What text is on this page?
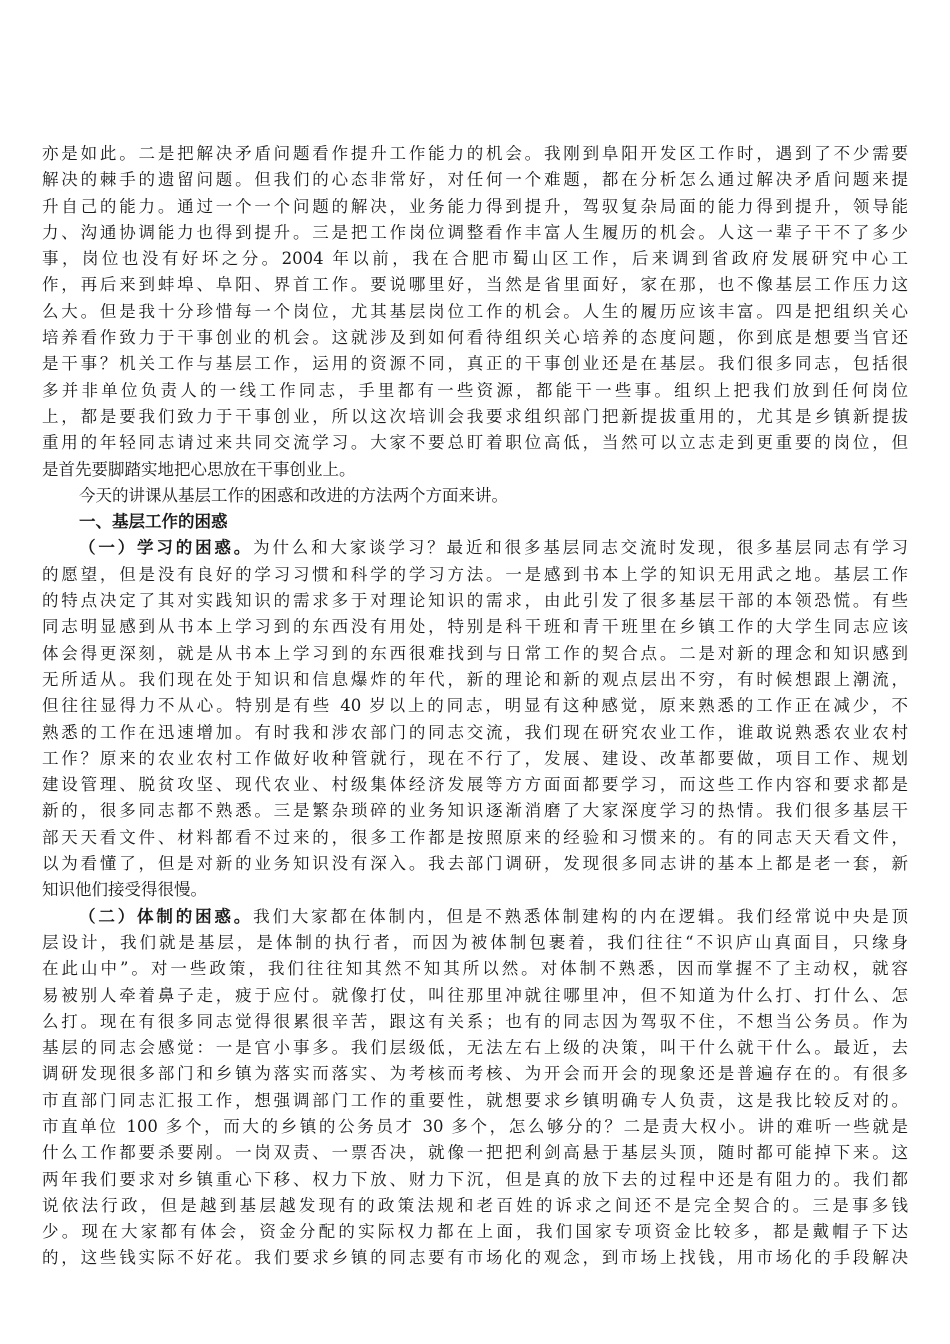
亦是如此。二是把解决矛盾问题看作提升工作能力的机会。我刚到阜阳开发区工作时，遇到了不少需要
解决的棘手的遗留问题。但我们的心态非常好，对任何一个难题，都在分析怎么通过解决矛盾问题来提
升自己的能力。通过一个一个问题的解决，业务能力得到提升，驾驭复杂局面的能力得到提升，领导能
力、沟通协调能力也得到提升。三是把工作岗位调整看作丰富人生履历的机会。人这一辈子干不了多少
事，岗位也没有好坏之分。2004 年以前，我在合肥市蜀山区工作，后来调到省政府发展研究中心工
作，再后来到蚌埠、阜阳、界首工作。要说哪里好，当然是省里面好，家在那，也不像基层工作压力这
么大。但是我十分珍惜每一个岗位，尤其基层岗位工作的机会。人生的履历应该丰富。四是把组织关心
培养看作致力于干事创业的机会。这就涉及到如何看待组织关心培养的态度问题，你到底是想要当官还
是干事？机关工作与基层工作，运用的资源不同，真正的干事创业还是在基层。我们很多同志，包括很
多并非单位负责人的一线工作同志，手里都有一些资源，都能干一些事。组织上把我们放到任何岗位
上，都是要我们致力于干事创业，所以这次培训会我要求组织部门把新提拔重用的，尤其是乡镇新提拔
重用的年轻同志请过来共同交流学习。大家不要总盯着职位高低，当然可以立志走到更重要的岗位，但
是首先要脚踏实地把心思放在干事创业上。
今天的讲课从基层工作的困惑和改进的方法两个方面来讲。
一、基层工作的困惑
（一）学习的困惑。为什么和大家谈学习？最近和很多基层同志交流时发现，很多基层同志有学习
的愿望，但是没有良好的学习习惯和科学的学习方法。一是感到书本上学的知识无用武之地。基层工作
的特点决定了其对实践知识的需求多于对理论知识的需求，由此引发了很多基层干部的本领恐慌。有些
同志明显感到从书本上学习到的东西没有用处，特别是科干班和青干班里在乡镇工作的大学生同志应该
体会得更深刻，就是从书本上学习到的东西很难找到与日常工作的契合点。二是对新的理念和知识感到
无所适从。我们现在处于知识和信息爆炸的年代，新的理论和新的观点层出不穷，有时候想跟上潮流，
但往往显得力不从心。特别是有些 40 岁以上的同志，明显有这种感觉，原来熟悉的工作正在减少，不
熟悉的工作在迅速增加。有时我和涉农部门的同志交流，我们现在研究农业工作，谁敢说熟悉农业农村
工作？原来的农业农村工作做好收种管就行，现在不行了，发展、建设、改革都要做，项目工作、规划
建设管理、脱贫攻坚、现代农业、村级集体经济发展等方方面面都要学习，而这些工作内容和要求都是
新的，很多同志都不熟悉。三是繁杂琐碎的业务知识逐渐消磨了大家深度学习的热情。我们很多基层干
部天天看文件、材料都看不过来的，很多工作都是按照原来的经验和习惯来的。有的同志天天看文件，
以为看懂了，但是对新的业务知识没有深入。我去部门调研，发现很多同志讲的基本上都是老一套，新
知识他们接受得很慢。
（二）体制的困惑。我们大家都在体制内，但是不熟悉体制建构的内在逻辑。我们经常说中央是顶
层设计，我们就是基层，是体制的执行者，而因为被体制包裹着，我们往往“不识庐山真面目，只缘身
在此山中”。对一些政策，我们往往知其然不知其所以然。对体制不熟悉，因而掌握不了主动权，就容
易被别人牵着鼻子走，疲于应付。就像打仗，叫往那里冲就往哪里冲，但不知道为什么打、打什么、怎
么打。现在有很多同志觉得很累很辛苦，跟这有关系；也有的同志因为驾驭不住，不想当公务员。作为
基层的同志会感觉：一是官小事多。我们层级低，无法左右上级的决策，叫干什么就干什么。最近，去
调研发现很多部门和乡镇为落实而落实、为考核而考核、为开会而开会的现象还是普遍存在的。有很多
市直部门同志汇报工作，想强调部门工作的重要性，就想要求乡镇明确专人负责，这是我比较反对的。
市直单位 100 多个，而大的乡镇的公务员才 30 多个，怎么够分的？二是责大权小。讲的难听一些就是
什么工作都要杀要剐。一岗双责、一票否决，就像一把把利剑高悬于基层头顶，随时都可能掉下来。这
两年我们要求对乡镇重心下移、权力下放、财力下沉，但是真的放下去的过程中还是有阻力的。我们都
说依法行政，但是越到基层越发现有的政策法规和老百姓的诉求之间还不是完全契合的。三是事多钱
少。现在大家都有体会，资金分配的实际权力都在上面，我们国家专项资金比较多，都是戴帽子下达
的，这些钱实际不好花。我们要求乡镇的同志要有市场化的观念，到市场上找钱，用市场化的手段解决
